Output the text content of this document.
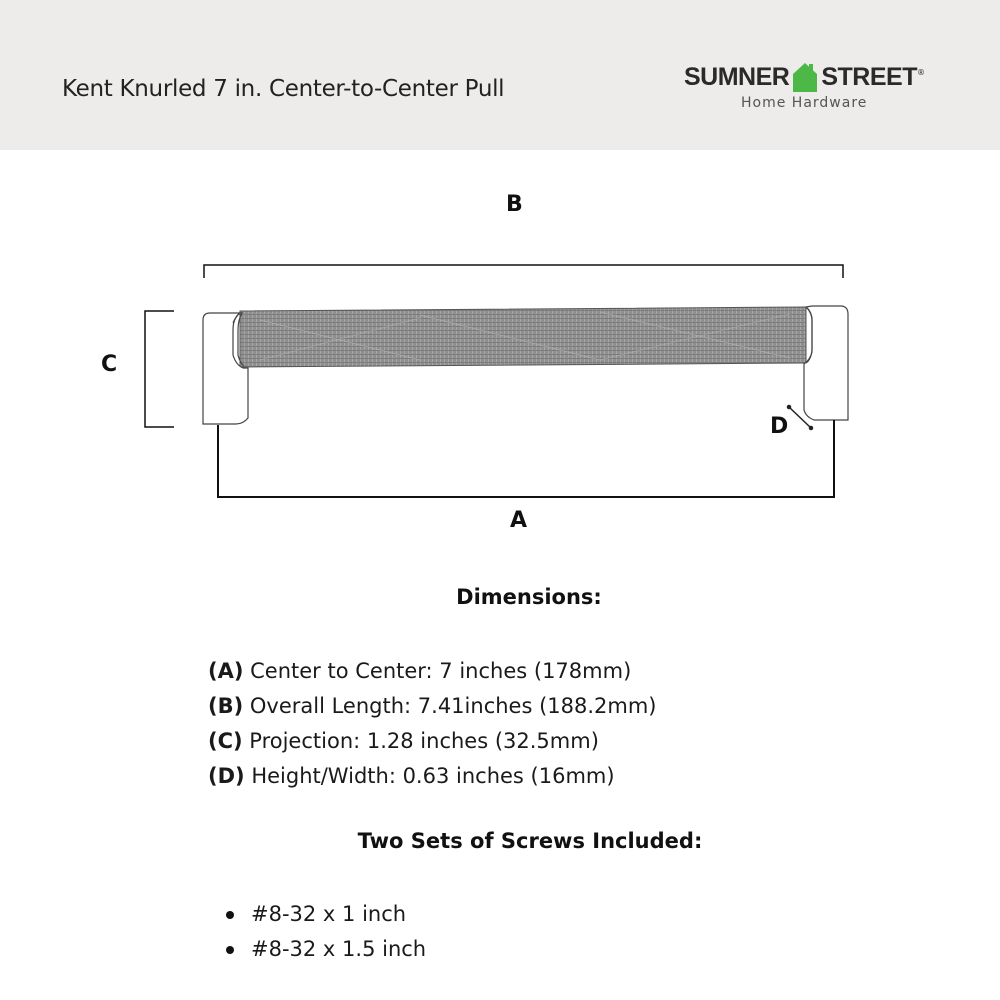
Kent Knurled 7 in. Center-to-Center Pull	SUMNER STREET ®
Home Hardware
B
C
D
A
Dimensions:
(A) Center to Center: 7 inches (178mm)
(B) Overall Length: 7.41inches (188.2mm)
(C) Projection: 1.28 inches (32.5mm)
(D) Height/Width: 0.63 inches (16mm)
Two Sets of Screws Included:
#8-32 x 1 inch
#8-32 x 1.5 inch
